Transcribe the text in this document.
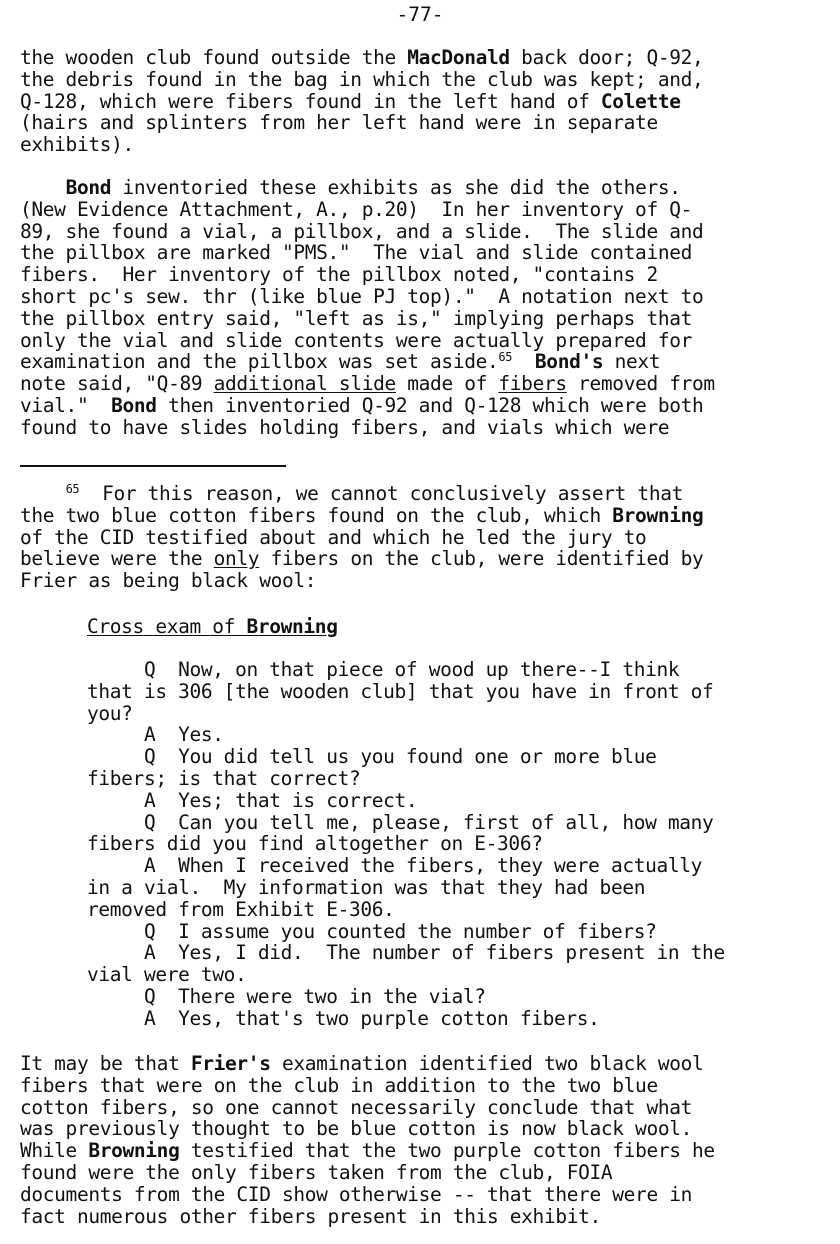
-77-
the wooden club found outside the MacDonald back door; Q-92,
the debris found in the bag in which the club was kept; and,
Q-128, which were fibers found in the left hand of Colette
(hairs and splinters from her left hand were in separate
exhibits).
Bond inventoried these exhibits as she did the others.
(New Evidence Attachment, A., p.20)  In her inventory of Q-
89, she found a vial, a pillbox, and a slide.  The slide and
the pillbox are marked "PMS."  The vial and slide contained
fibers.  Her inventory of the pillbox noted, "contains 2
short pc's sew. thr (like blue PJ top)."  A notation next to
the pillbox entry said, "left as is," implying perhaps that
only the vial and slide contents were actually prepared for
examination and the pillbox was set aside.$^{65}$ Bond's next
note said, "Q-89 additional slide made of fibers removed from
vial."  Bond then inventoried Q-92 and Q-128 which were both
found to have slides holding fibers, and vials which were
$^{65}$  For this reason, we cannot conclusively assert that
the two blue cotton fibers found on the club, which Browning
of the CID testified about and which he led the jury to
believe were the only fibers on the club, were identified by
Frier as being black wool:
Cross exam of Browning
Q  Now, on that piece of wood up there--I think
that is 306 [the wooden club] that you have in front of
you?
A  Yes.
Q  You did tell us you found one or more blue
fibers; is that correct?
A  Yes; that is correct.
Q  Can you tell me, please, first of all, how many
fibers did you find altogether on E-306?
A  When I received the fibers, they were actually
in a vial.  My information was that they had been
removed from Exhibit E-306.
Q  I assume you counted the number of fibers?
A  Yes, I did.  The number of fibers present in the
vial were two.
Q  There were two in the vial?
A  Yes, that's two purple cotton fibers.
It may be that Frier's examination identified two black wool
fibers that were on the club in addition to the two blue
cotton fibers, so one cannot necessarily conclude that what
was previously thought to be blue cotton is now black wool.
While Browning testified that the two purple cotton fibers he
found were the only fibers taken from the club, FOIA
documents from the CID show otherwise -- that there were in
fact numerous other fibers present in this exhibit.
